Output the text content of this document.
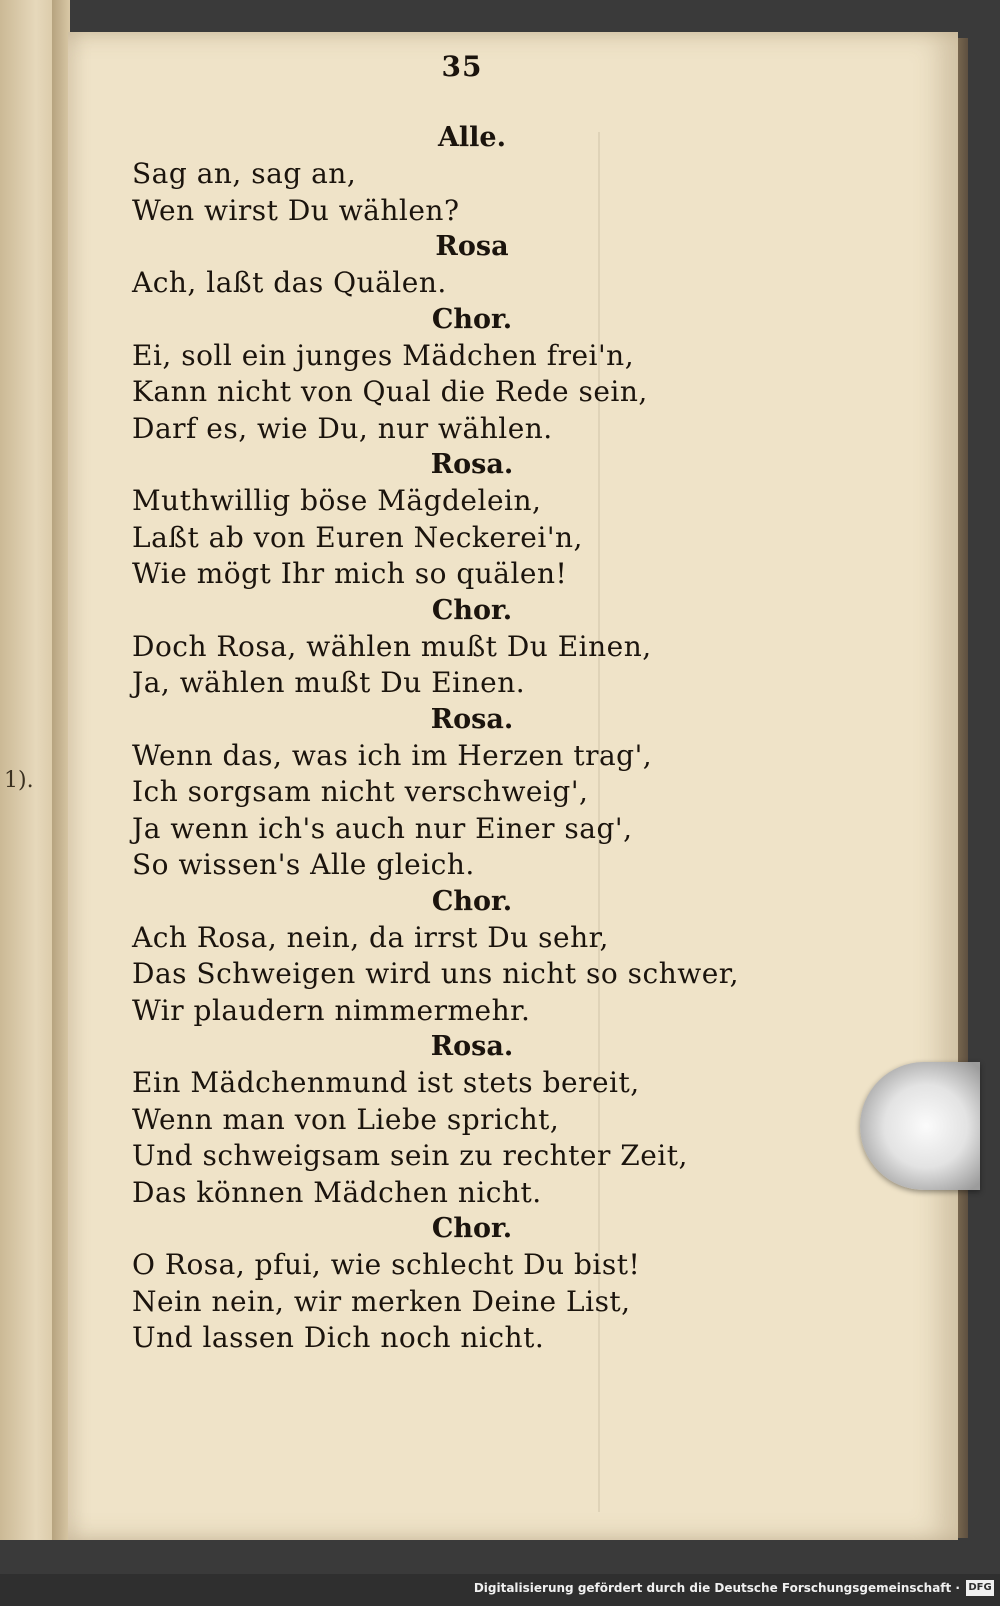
1).
35
Alle.
Sag an, sag an,
Wen wirst Du wählen?
Rosa
Ach, laßt das Quälen.
Chor.
Ei, soll ein junges Mädchen frei'n,
Kann nicht von Qual die Rede sein,
Darf es, wie Du, nur wählen.
Rosa.
Muthwillig böse Mägdelein,
Laßt ab von Euren Neckerei'n,
Wie mögt Ihr mich so quälen!
Chor.
Doch Rosa, wählen mußt Du Einen,
Ja, wählen mußt Du Einen.
Rosa.
Wenn das, was ich im Herzen trag',
Ich sorgsam nicht verschweig',
Ja wenn ich's auch nur Einer sag',
So wissen's Alle gleich.
Chor.
Ach Rosa, nein, da irrst Du sehr,
Das Schweigen wird uns nicht so schwer,
Wir plaudern nimmermehr.
Rosa.
Ein Mädchenmund ist stets bereit,
Wenn man von Liebe spricht,
Und schweigsam sein zu rechter Zeit,
Das können Mädchen nicht.
Chor.
O Rosa, pfui, wie schlecht Du bist!
Nein nein, wir merken Deine List,
Und lassen Dich noch nicht.
Digitalisierung gefördert durch die Deutsche Forschungsgemeinschaft · DFG
